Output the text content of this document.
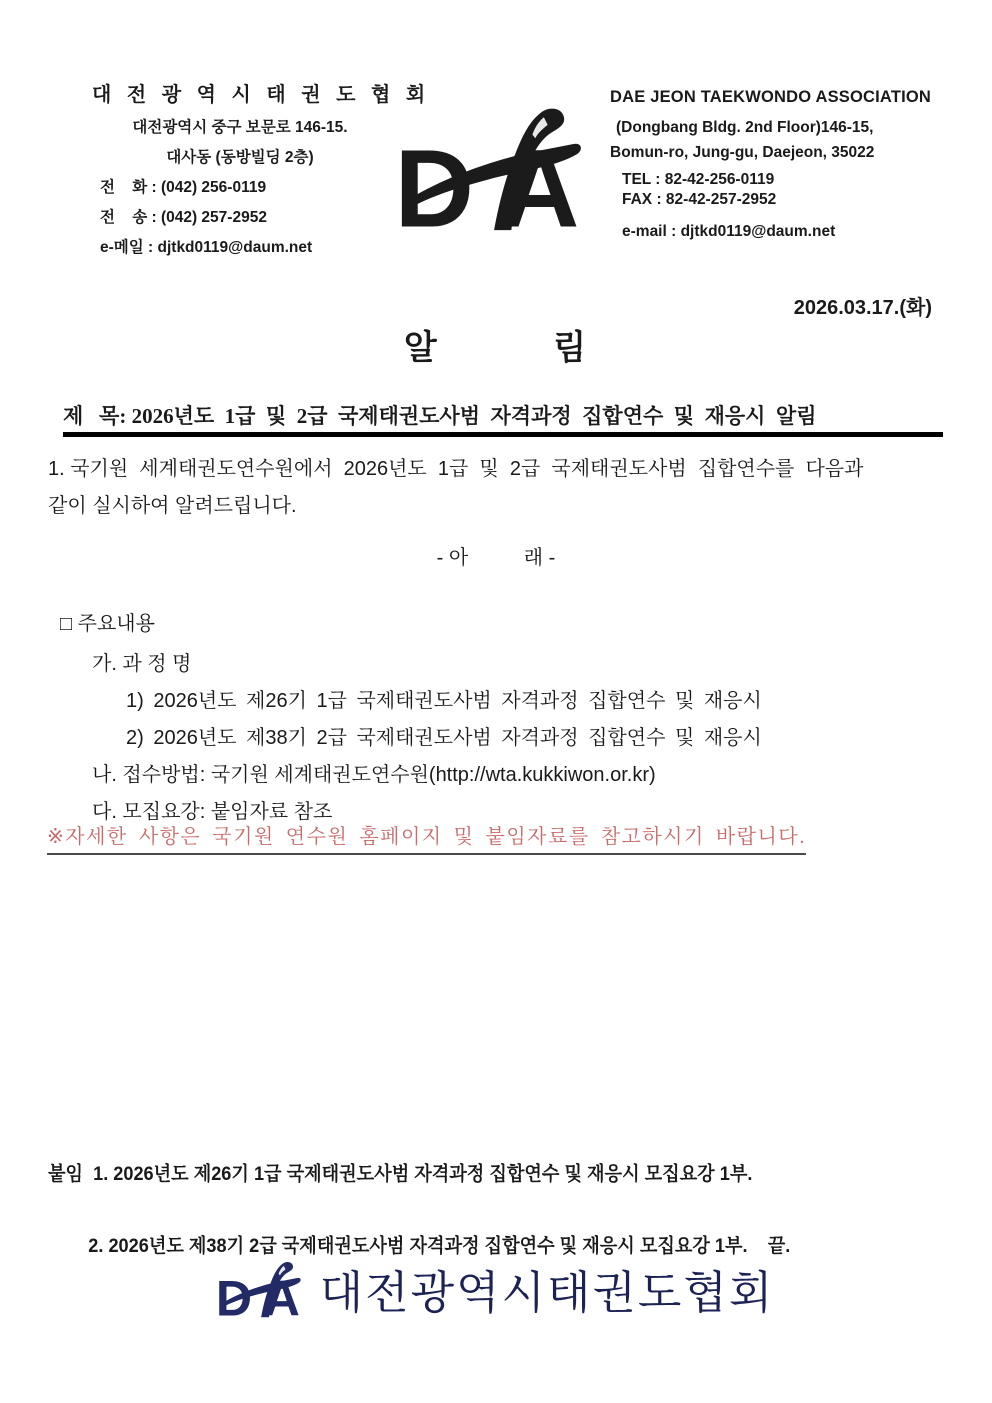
대 전 광 역 시 태 권 도 협 회
대전광역시 중구 보문로 146-15.
대사동 (동방빌딩 2층)
전    화 : (042) 256-0119
전    송 : (042) 257-2952
e-메일 : djtkd0119@daum.net
DAE JEON TAEKWONDO ASSOCIATION
(Dongbang Bldg. 2nd Floor)146-15,
Bomun-ro, Jung-gu, Daejeon, 35022
TEL : 82-42-256-0119
FAX : 82-42-257-2952
e-mail : djtkd0119@daum.net
2026.03.17.(화)
알          림
제   목: 2026년도  1급  및  2급  국제태권도사범  자격과정  집합연수  및  재응시  알림
1. 국기원  세계태권도연수원에서  2026년도  1급  및  2급  국제태권도사범  집합연수를  다음과
같이 실시하여 알려드립니다.
- 아          래 -
□ 주요내용
가. 과 정 명
1) 2026년도 제26기 1급 국제태권도사범 자격과정 집합연수 및 재응시
2) 2026년도 제38기 2급 국제태권도사범 자격과정 집합연수 및 재응시
나. 접수방법: 국기원 세계태권도연수원(http://wta.kukkiwon.or.kr)
다. 모집요강: 붙임자료 참조
※자세한 사항은 국기원 연수원 홈페이지 및 붙임자료를 참고하시기 바랍니다.

붙임  1. 2026년도 제26기 1급 국제태권도사범 자격과정 집합연수 및 재응시 모집요강 1부.

2. 2026년도 제38기 2급 국제태권도사범 자격과정 집합연수 및 재응시 모집요강 1부.    끝.

대전광역시태권도협회
